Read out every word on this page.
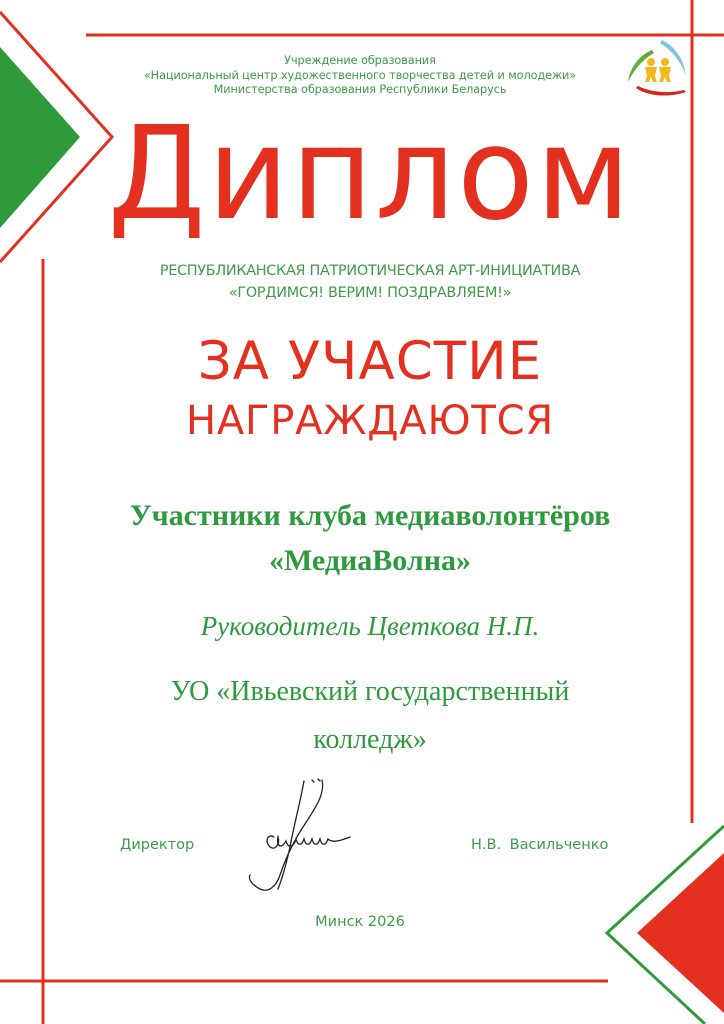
Учреждение образования
«Национальный центр художественного творчества детей и молодежи»
Министерства образования Республики Беларусь
Диплом
РЕСПУБЛИКАНСКАЯ ПАТРИОТИЧЕСКАЯ АРТ-ИНИЦИАТИВА
«ГОРДИМСЯ! ВЕРИМ! ПОЗДРАВЛЯЕМ!»
ЗА УЧАСТИЕ
НАГРАЖДАЮТСЯ
Участники клуба медиаволонтёров
«МедиаВолна»
Руководитель Цветкова Н.П.
УО «Ивьевский государственный
колледж»
Директор	Н.В. Васильченко
Минск 2026
